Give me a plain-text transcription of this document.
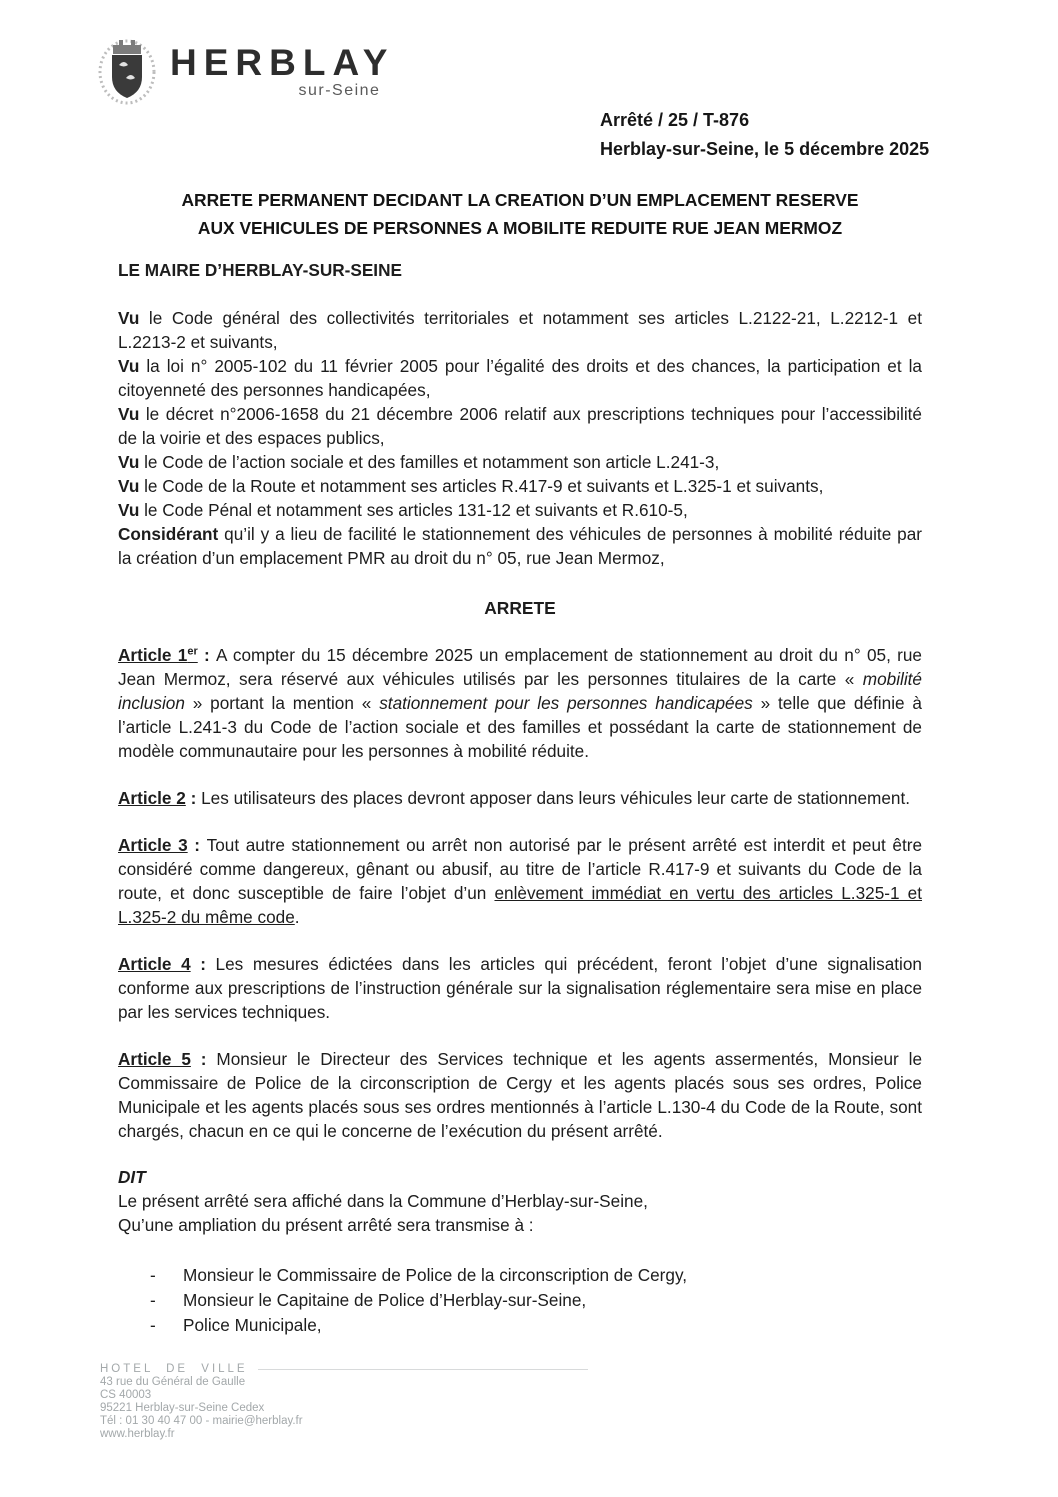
HERBLAY
sur-Seine
Arrêté / 25 / T-876
Herblay-sur-Seine, le 5 décembre 2025
ARRETE PERMANENT DECIDANT LA CREATION D’UN EMPLACEMENT RESERVE
AUX VEHICULES DE PERSONNES A MOBILITE REDUITE RUE JEAN MERMOZ

LE MAIRE D’HERBLAY-SUR-SEINE

Vu le Code général des collectivités territoriales et notamment ses articles L.2122-21, L.2212-1 et L.2213-2 et suivants,

Vu la loi n° 2005-102 du 11 février 2005 pour l’égalité des droits et des chances, la participation et la citoyenneté des personnes handicapées,

Vu le décret n°2006-1658 du 21 décembre 2006 relatif aux prescriptions techniques pour l’accessibilité de la voirie et des espaces publics,

Vu le Code de l’action sociale et des familles et notamment son article L.241-3,

Vu le Code de la Route et notamment ses articles R.417-9 et suivants et L.325-1 et suivants,

Vu le Code Pénal et notamment ses articles 131-12 et suivants et R.610-5,

Considérant qu’il y a lieu de facilité le stationnement des véhicules de personnes à mobilité réduite par la création d’un emplacement PMR au droit du n° 05, rue Jean Mermoz,

ARRETE

Article 1er : A compter du 15 décembre 2025 un emplacement de stationnement au droit du n° 05, rue Jean Mermoz, sera réservé aux véhicules utilisés par les personnes titulaires de la carte « mobilité inclusion » portant la mention « stationnement pour les personnes handicapées » telle que définie à l’article L.241-3 du Code de l’action sociale et des familles et possédant la carte de stationnement de modèle communautaire pour les personnes à mobilité réduite.

Article 2 : Les utilisateurs des places devront apposer dans leurs véhicules leur carte de stationnement.

Article 3 : Tout autre stationnement ou arrêt non autorisé par le présent arrêté est interdit et peut être considéré comme dangereux, gênant ou abusif, au titre de l’article R.417-9 et suivants du Code de la route, et donc susceptible de faire l’objet d’un enlèvement immédiat en vertu des articles L.325-1 et L.325-2 du même code.

Article 4 : Les mesures édictées dans les articles qui précédent, feront l’objet d’une signalisation conforme aux prescriptions de l’instruction générale sur la signalisation réglementaire sera mise en place par les services techniques.

Article 5 : Monsieur le Directeur des Services technique et les agents assermentés, Monsieur le Commissaire de Police de la circonscription de Cergy et les agents placés sous ses ordres, Police Municipale et les agents placés sous ses ordres mentionnés à l’article L.130-4 du Code de la Route, sont chargés, chacun en ce qui le concerne de l’exécution du présent arrêté.

DIT

Le présent arrêté sera affiché dans la Commune d’Herblay-sur-Seine,

Qu’une ampliation du présent arrêté sera transmise à :

-	Monsieur le Commissaire de Police de la circonscription de Cergy,
-	Monsieur le Capitaine de Police d’Herblay-sur-Seine,
-	Police Municipale,
HOTEL DE VILLE
43 rue du Général de Gaulle
CS 40003
95221 Herblay-sur-Seine Cedex
Tél : 01 30 40 47 00 - mairie@herblay.fr
www.herblay.fr
